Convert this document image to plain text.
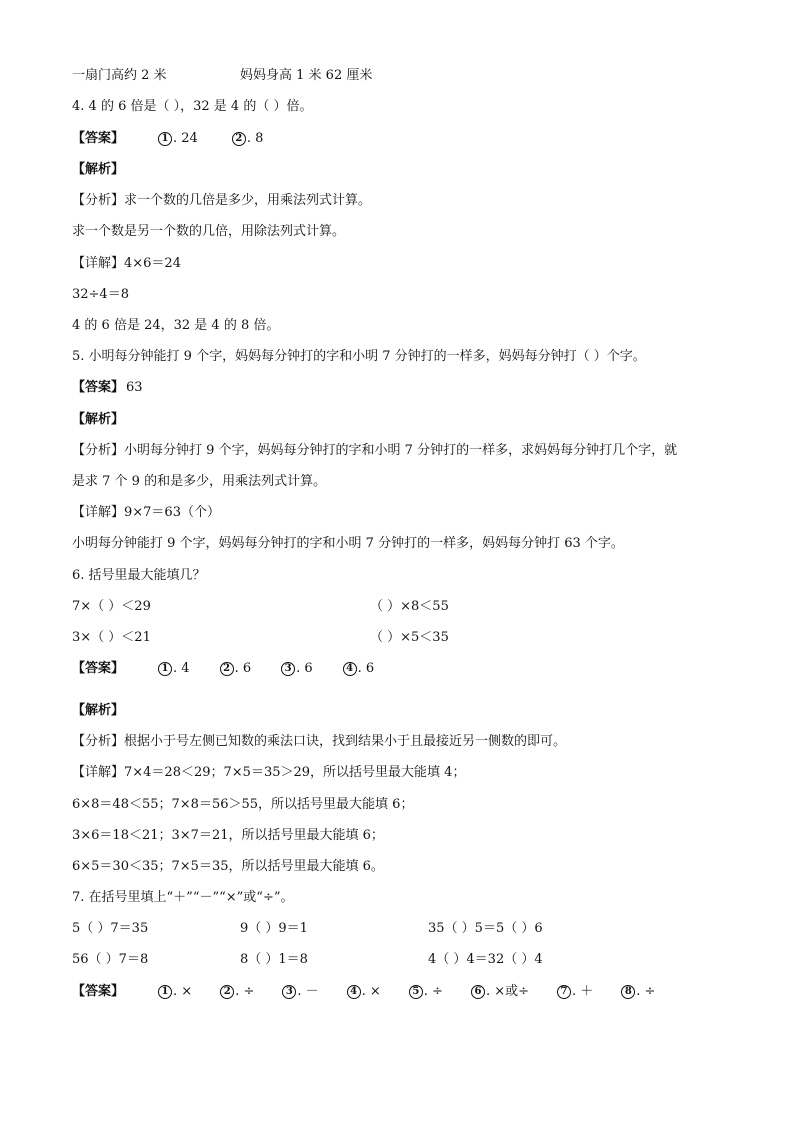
一扇门高约 2 米	妈妈身高 1 米 62 厘米
4. 4 的 6 倍是（ ），32 是 4 的（ ）倍。
【答案】	1 . 24	2 . 8
【解析】
【分析】求一个数的几倍是多少，用乘法列式计算。
求一个数是另一个数的几倍，用除法列式计算。
【详解】4×6＝24
32÷4＝8
4 的 6 倍是 24，32 是 4 的 8 倍。
5. 小明每分钟能打 9 个字，妈妈每分钟打的字和小明 7 分钟打的一样多，妈妈每分钟打（ ）个字。
【答案】 63
【解析】
【分析】小明每分钟打 9 个字，妈妈每分钟打的字和小明 7 分钟打的一样多，求妈妈每分钟打几个字，就
是求 7 个 9 的和是多少，用乘法列式计算。
【详解】9×7＝63（个）
小明每分钟能打 9 个字，妈妈每分钟打的字和小明 7 分钟打的一样多，妈妈每分钟打 63 个字。
6. 括号里最大能填几？
7×（ ）＜29	（ ）×8＜55
3×（ ）＜21	（ ）×5＜35
【答案】	1 . 4	2 . 6	3 . 6	4 . 6
【解析】
【分析】根据小于号左侧已知数的乘法口诀，找到结果小于且最接近另一侧数的即可。
【详解】7×4＝28＜29；7×5＝35＞29，所以括号里最大能填 4；
6×8＝48＜55；7×8＝56＞55，所以括号里最大能填 6；
3×6＝18＜21；3×7＝21，所以括号里最大能填 6；
6×5＝30＜35；7×5＝35，所以括号里最大能填 6。
7. 在括号里填上“＋”“－”“×”或“÷”。
5（ ）7＝35	9（ ）9＝1	35（ ）5＝5（ ）6
56（ ）7＝8	8（ ）1＝8	4（ ）4＝32（ ）4
【答案】	1 . ×	2 . ÷	3 . －	4 . ×	5 . ÷	6 . ×或÷	7 . ＋	8 . ÷
